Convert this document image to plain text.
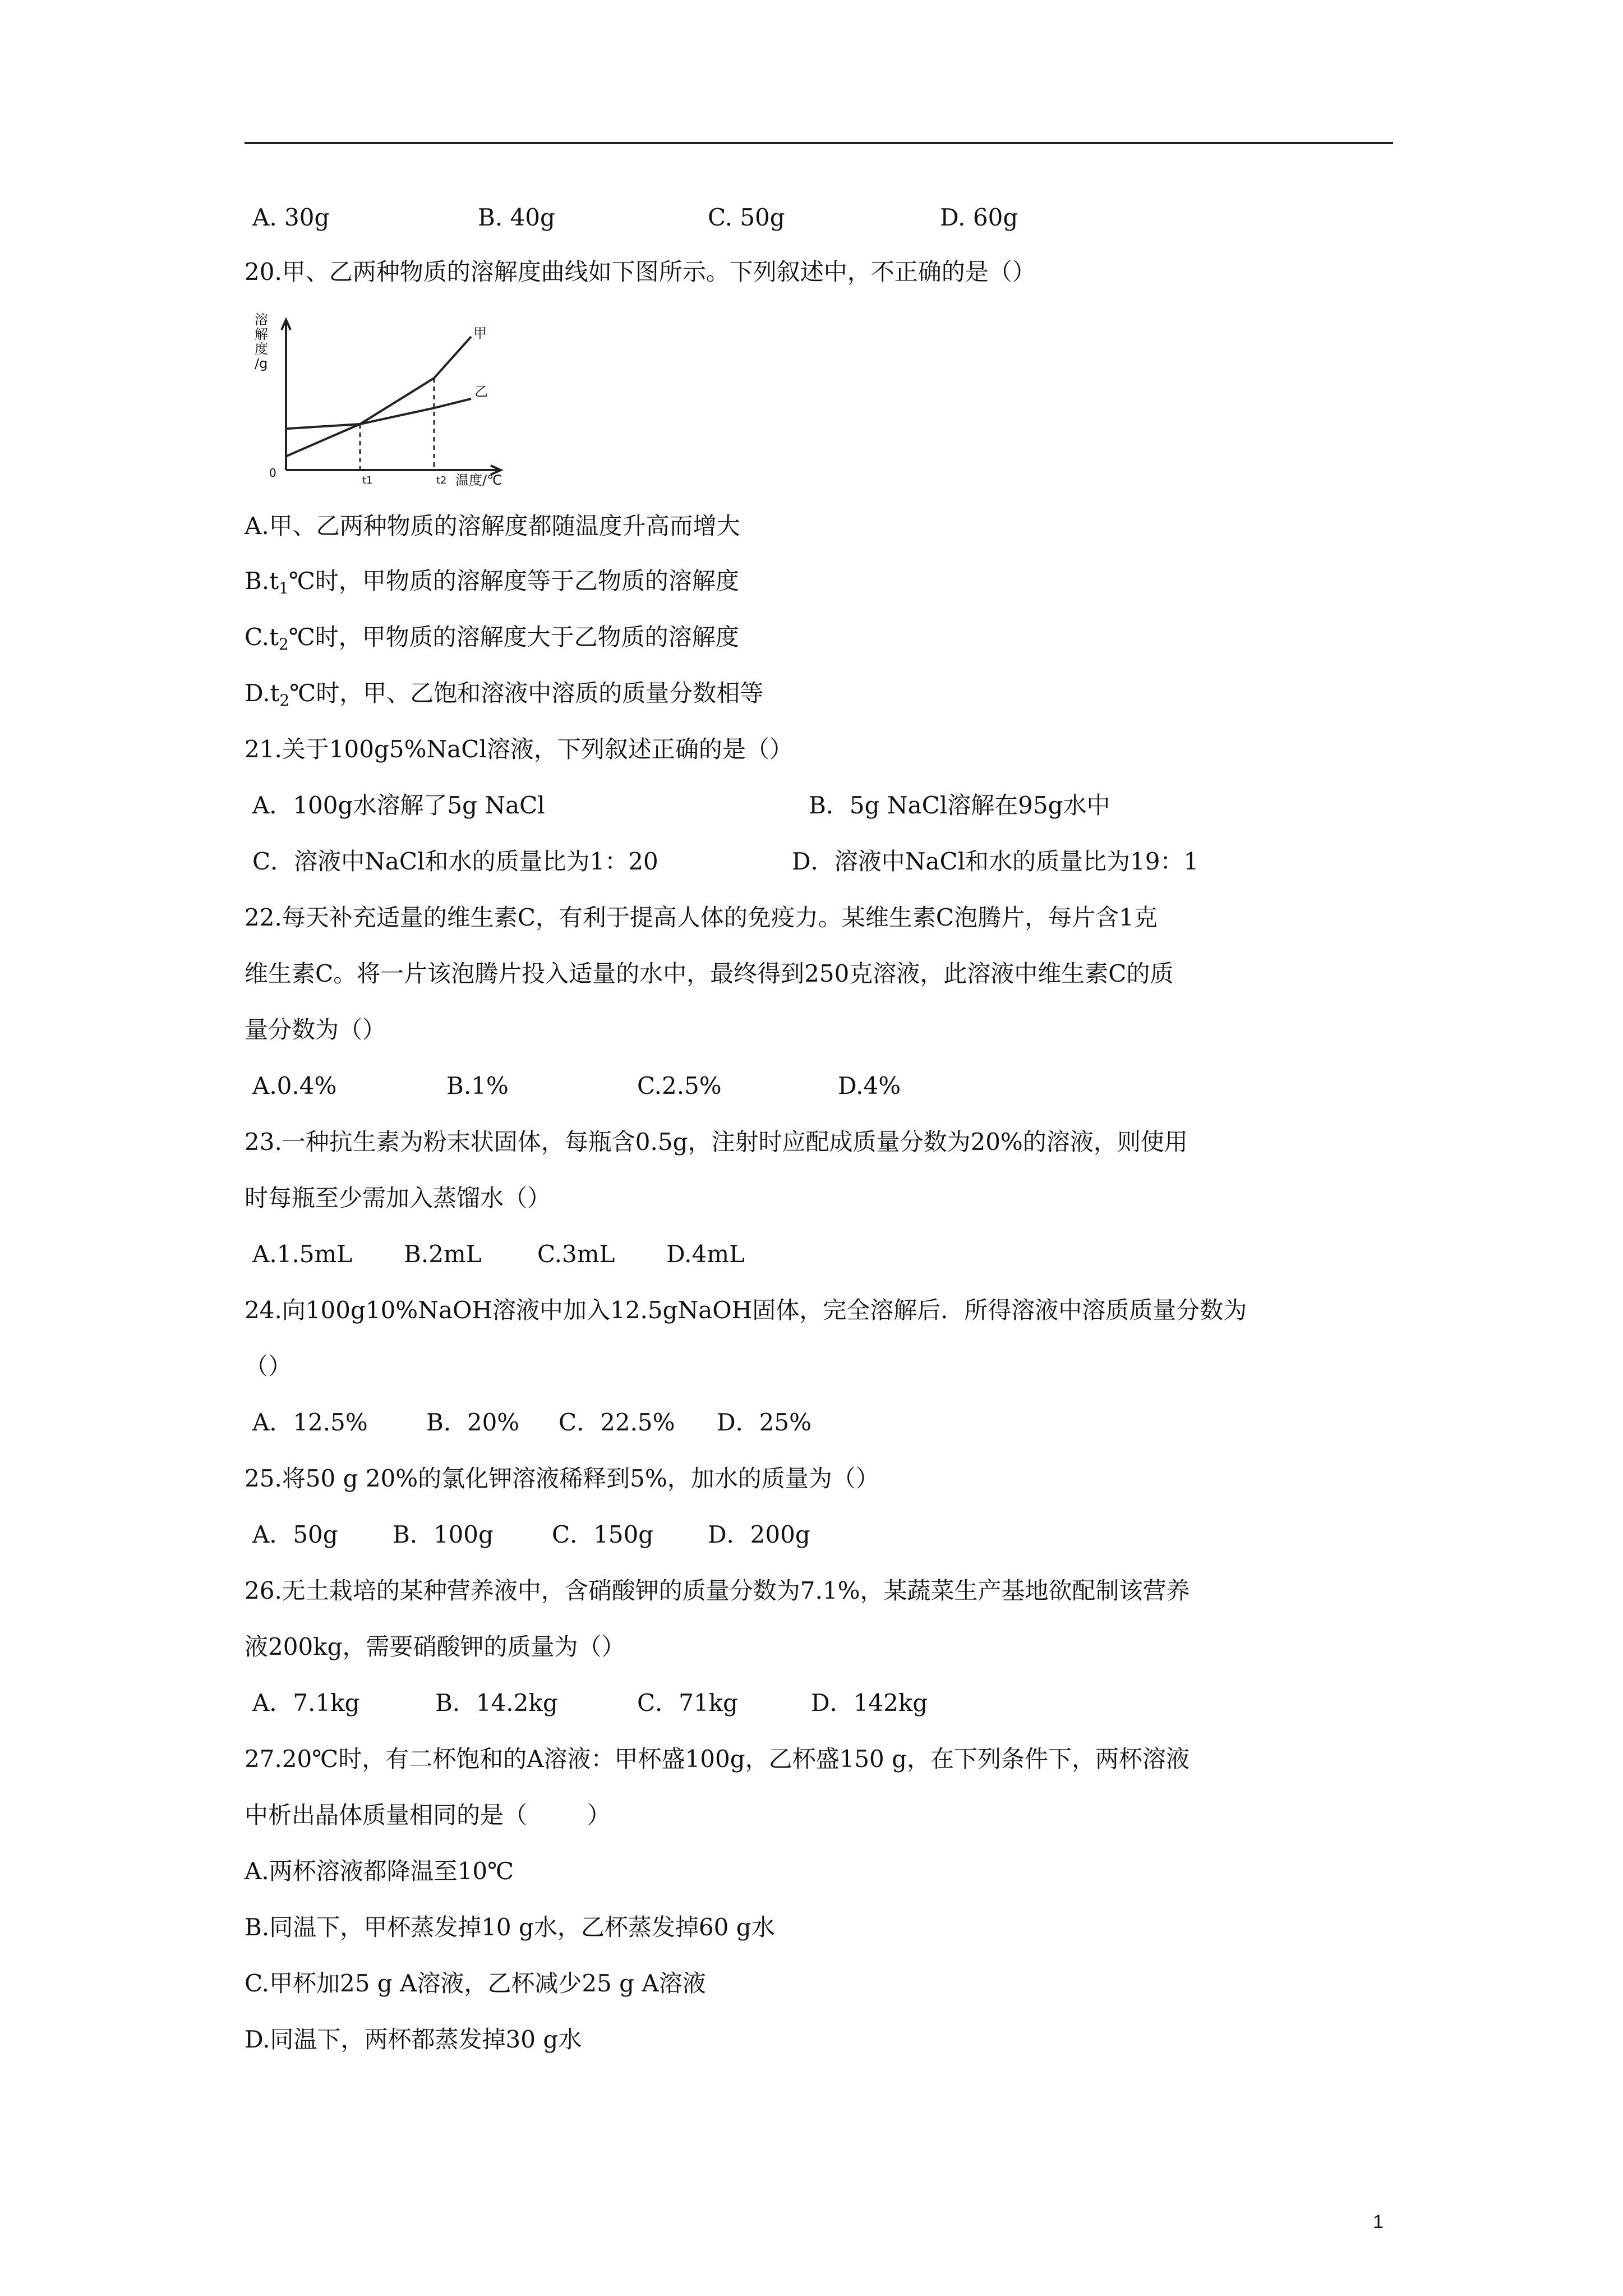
A. 30g	B. 40g	C. 50g	D. 60g
20.甲、乙两种物质的溶解度曲线如下图所示。下列叙述中，不正确的是（）
溶
解
度
/g
0
t1	t2 温度/℃
甲
乙
A.甲、乙两种物质的溶解度都随温度升高而增大
$B.t_1℃$时，甲物质的溶解度等于乙物质的溶解度
$C.t_2℃$时，甲物质的溶解度大于乙物质的溶解度
$D.t_2℃$时，甲、乙饱和溶液中溶质的质量分数相等
21.关于100g5%NaCl溶液，下列叙述正确的是（）
A．100g水溶解了5g NaCl	B．5g NaCl溶解在95g水中
C．溶液中NaCl和水的质量比为1：20	D．溶液中NaCl和水的质量比为19：1
22.每天补充适量的维生素C，有利于提高人体的免疫力。某维生素C泡腾片，每片含1克
维生素C。将一片该泡腾片投入适量的水中，最终得到250克溶液，此溶液中维生素C的质
量分数为（）
A.0.4%	B.1%	C.2.5%	D.4%
23.一种抗生素为粉末状固体，每瓶含0.5g，注射时应配成质量分数为20%的溶液，则使用
时每瓶至少需加入蒸馏水（）
A.1.5mL B.2mL C.3mL D.4mL
24.向100g10%NaOH溶液中加入12.5gNaOH固体，完全溶解后．所得溶液中溶质质量分数为
（）
A．12.5% B．20% C．22.5% D．25%
25.将50 g 20%的氯化钾溶液稀释到5%，加水的质量为（）
A．50g B．100g C．150g D．200g
26.无土栽培的某种营养液中，含硝酸钾的质量分数为7.1%，某蔬菜生产基地欲配制该营养
液200kg，需要硝酸钾的质量为（）
A．7.1kg	B．14.2kg	C．71kg	D．142kg
27.20℃时，有二杯饱和的A溶液：甲杯盛100g，乙杯盛150 g，在下列条件下，两杯溶液
中析出晶体质量相同的是（        ）
A.两杯溶液都降温至10℃
B.同温下，甲杯蒸发掉10 g水，乙杯蒸发掉60 g水
C.甲杯加25 g A溶液，乙杯减少25 g A溶液
D.同温下，两杯都蒸发掉30 g水
1
